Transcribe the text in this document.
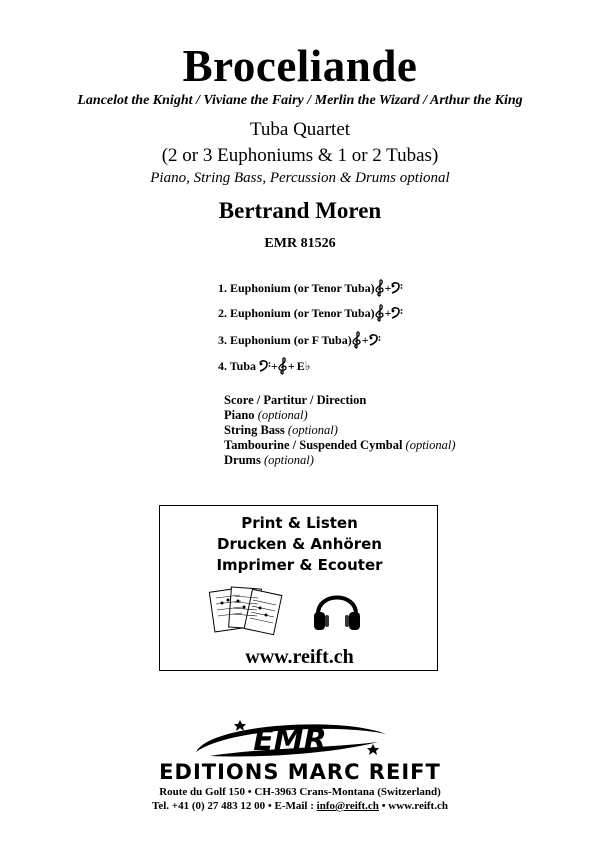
Broceliande
Lancelot the Knight / Viviane the Fairy / Merlin the Wizard / Arthur the King
Tuba Quartet
(2 or 3 Euphoniums & 1 or 2 Tubas)
Piano, String Bass, Percussion & Drums optional
Bertrand Moren
EMR 81526
1. Euphonium (or Tenor Tuba) +
2. Euphonium (or Tenor Tuba) +
3. Euphonium (or F Tuba) +
4. Tuba + + E♭
Score / Partitur / Direction
Piano (optional)
String Bass (optional)
Tambourine / Suspended Cymbal (optional)
Drums (optional)
Print & Listen
Drucken & Anhören
Imprimer & Ecouter
www.reift.ch
EMR
EDITIONS MARC REIFT
Route du Golf 150 • CH-3963 Crans-Montana (Switzerland)
Tel. +41 (0) 27 483 12 00 • E-Mail : info@reift.ch • www.reift.ch
